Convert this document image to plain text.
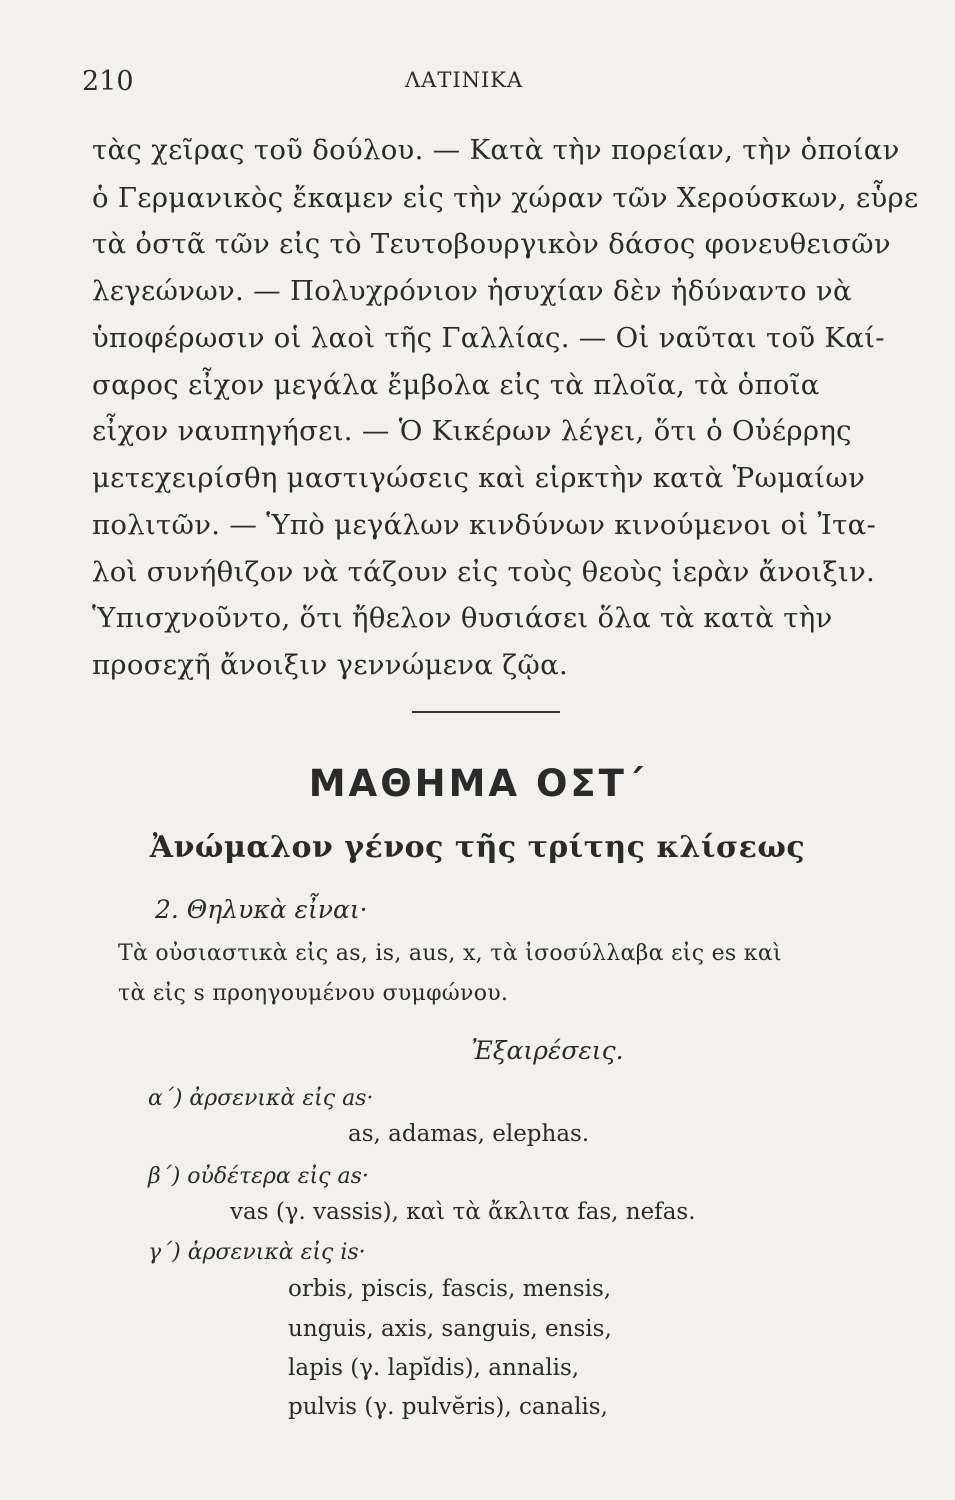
210	ΛΑΤΙΝΙΚΑ
τὰς χεῖρας τοῦ δούλου. — Κατὰ τὴν πορείαν, τὴν ὁποίαν
ὁ Γερμανικὸς ἔκαμεν εἰς τὴν χώραν τῶν Χερούσκων, εὗρε
τὰ ὀστᾶ τῶν εἰς τὸ Τευτοβουργικὸν δάσος φονευθεισῶν
λεγεώνων. — Πολυχρόνιον ἡσυχίαν δὲν ἠδύναντο νὰ
ὑποφέρωσιν οἱ λαοὶ τῆς Γαλλίας. — Οἱ ναῦται τοῦ Καί-
σαρος εἶχον μεγάλα ἔμβολα εἰς τὰ πλοῖα, τὰ ὁποῖα
εἶχον ναυπηγήσει. — Ὁ Κικέρων λέγει, ὅτι ὁ Οὐέρρης
μετεχειρίσθη μαστιγώσεις καὶ εἱρκτὴν κατὰ Ῥωμαίων
πολιτῶν. — Ὑπὸ μεγάλων κινδύνων κινούμενοι οἱ Ἰτα-
λοὶ συνήθιζον νὰ τάζουν εἰς τοὺς θεοὺς ἱερὰν ἄνοιξιν.
Ὑπισχνοῦντο, ὅτι ἤθελον θυσιάσει ὅλα τὰ κατὰ τὴν
προσεχῆ ἄνοιξιν γεννώμενα ζῷα.
ΜΑΘΗΜΑ ΟΣΤ΄
Ἀνώμαλον γένος τῆς τρίτης κλίσεως
2. Θηλυκὰ εἶναι·
Τὰ οὐσιαστικὰ εἰς as, is, aus, x, τὰ ἰσοσύλλαβα εἰς es καὶ
τὰ εἰς s προηγουμένου συμφώνου.
Ἐξαιρέσεις.
α΄) ἀρσενικὰ εἰς as·
as, adamas, elephas.
β΄) οὐδέτερα εἰς as·
vas (γ. vassis), καὶ τὰ ἄκλιτα fas, nefas.
γ΄) ἀρσενικὰ εἰς is·
orbis, piscis, fascis, mensis,
unguis, axis, sanguis, ensis,
lapis (γ. lapĭdis), annalis,
pulvis (γ. pulvĕris), canalis,
